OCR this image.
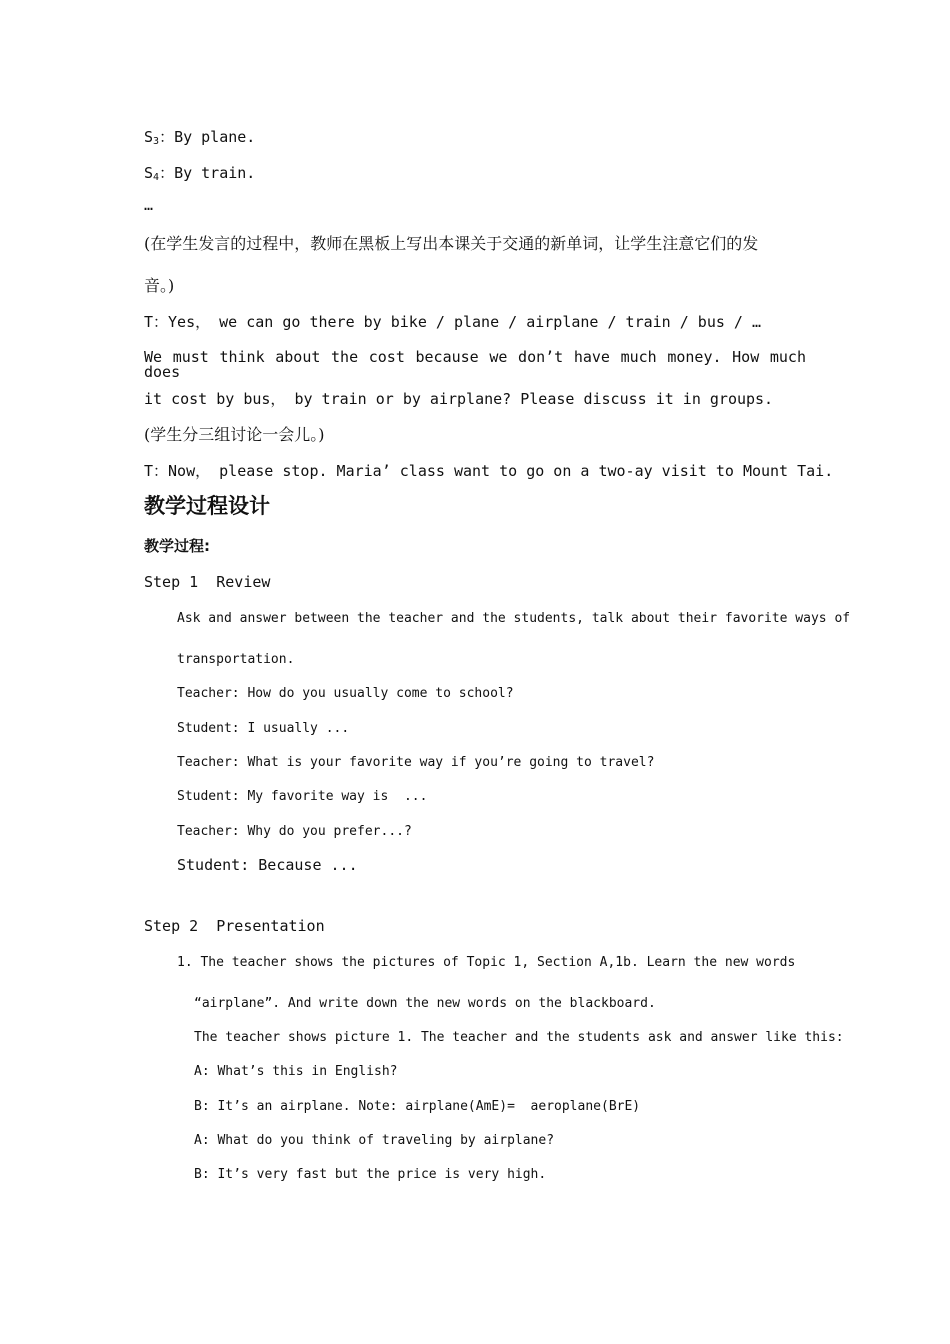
$S_3$：By plane.
$S_4$：By train.
…
(在学生发言的过程中，教师在黑板上写出本课关于交通的新单词，让学生注意它们的发
音。)
T：Yes， we can go there by bike / plane / airplane / train / bus / …
We must think about the cost because we don’t have much money. How much does
it cost by bus， by train or by airplane? Please discuss it in groups.
(学生分三组讨论一会儿。)
T：Now， please stop. Maria’ class want to go on a two-ay visit to Mount Tai.
教学过程设计
教学过程:
Step 1  Review
Ask and answer between the teacher and the students, talk about their favorite ways of
transportation.
Teacher: How do you usually come to school?
Student: I usually ...
Teacher: What is your favorite way if you’re going to travel?
Student: My favorite way is  ...
Teacher: Why do you prefer...?
Student: Because ...
Step 2  Presentation
1. The teacher shows the pictures of Topic 1, Section A,1b. Learn the new words
“airplane”. And write down the new words on the blackboard.
The teacher shows picture 1. The teacher and the students ask and answer like this:
A: What’s this in English?
B: It’s an airplane. Note: airplane(AmE)=  aeroplane(BrE)
A: What do you think of traveling by airplane?
B: It’s very fast but the price is very high.
